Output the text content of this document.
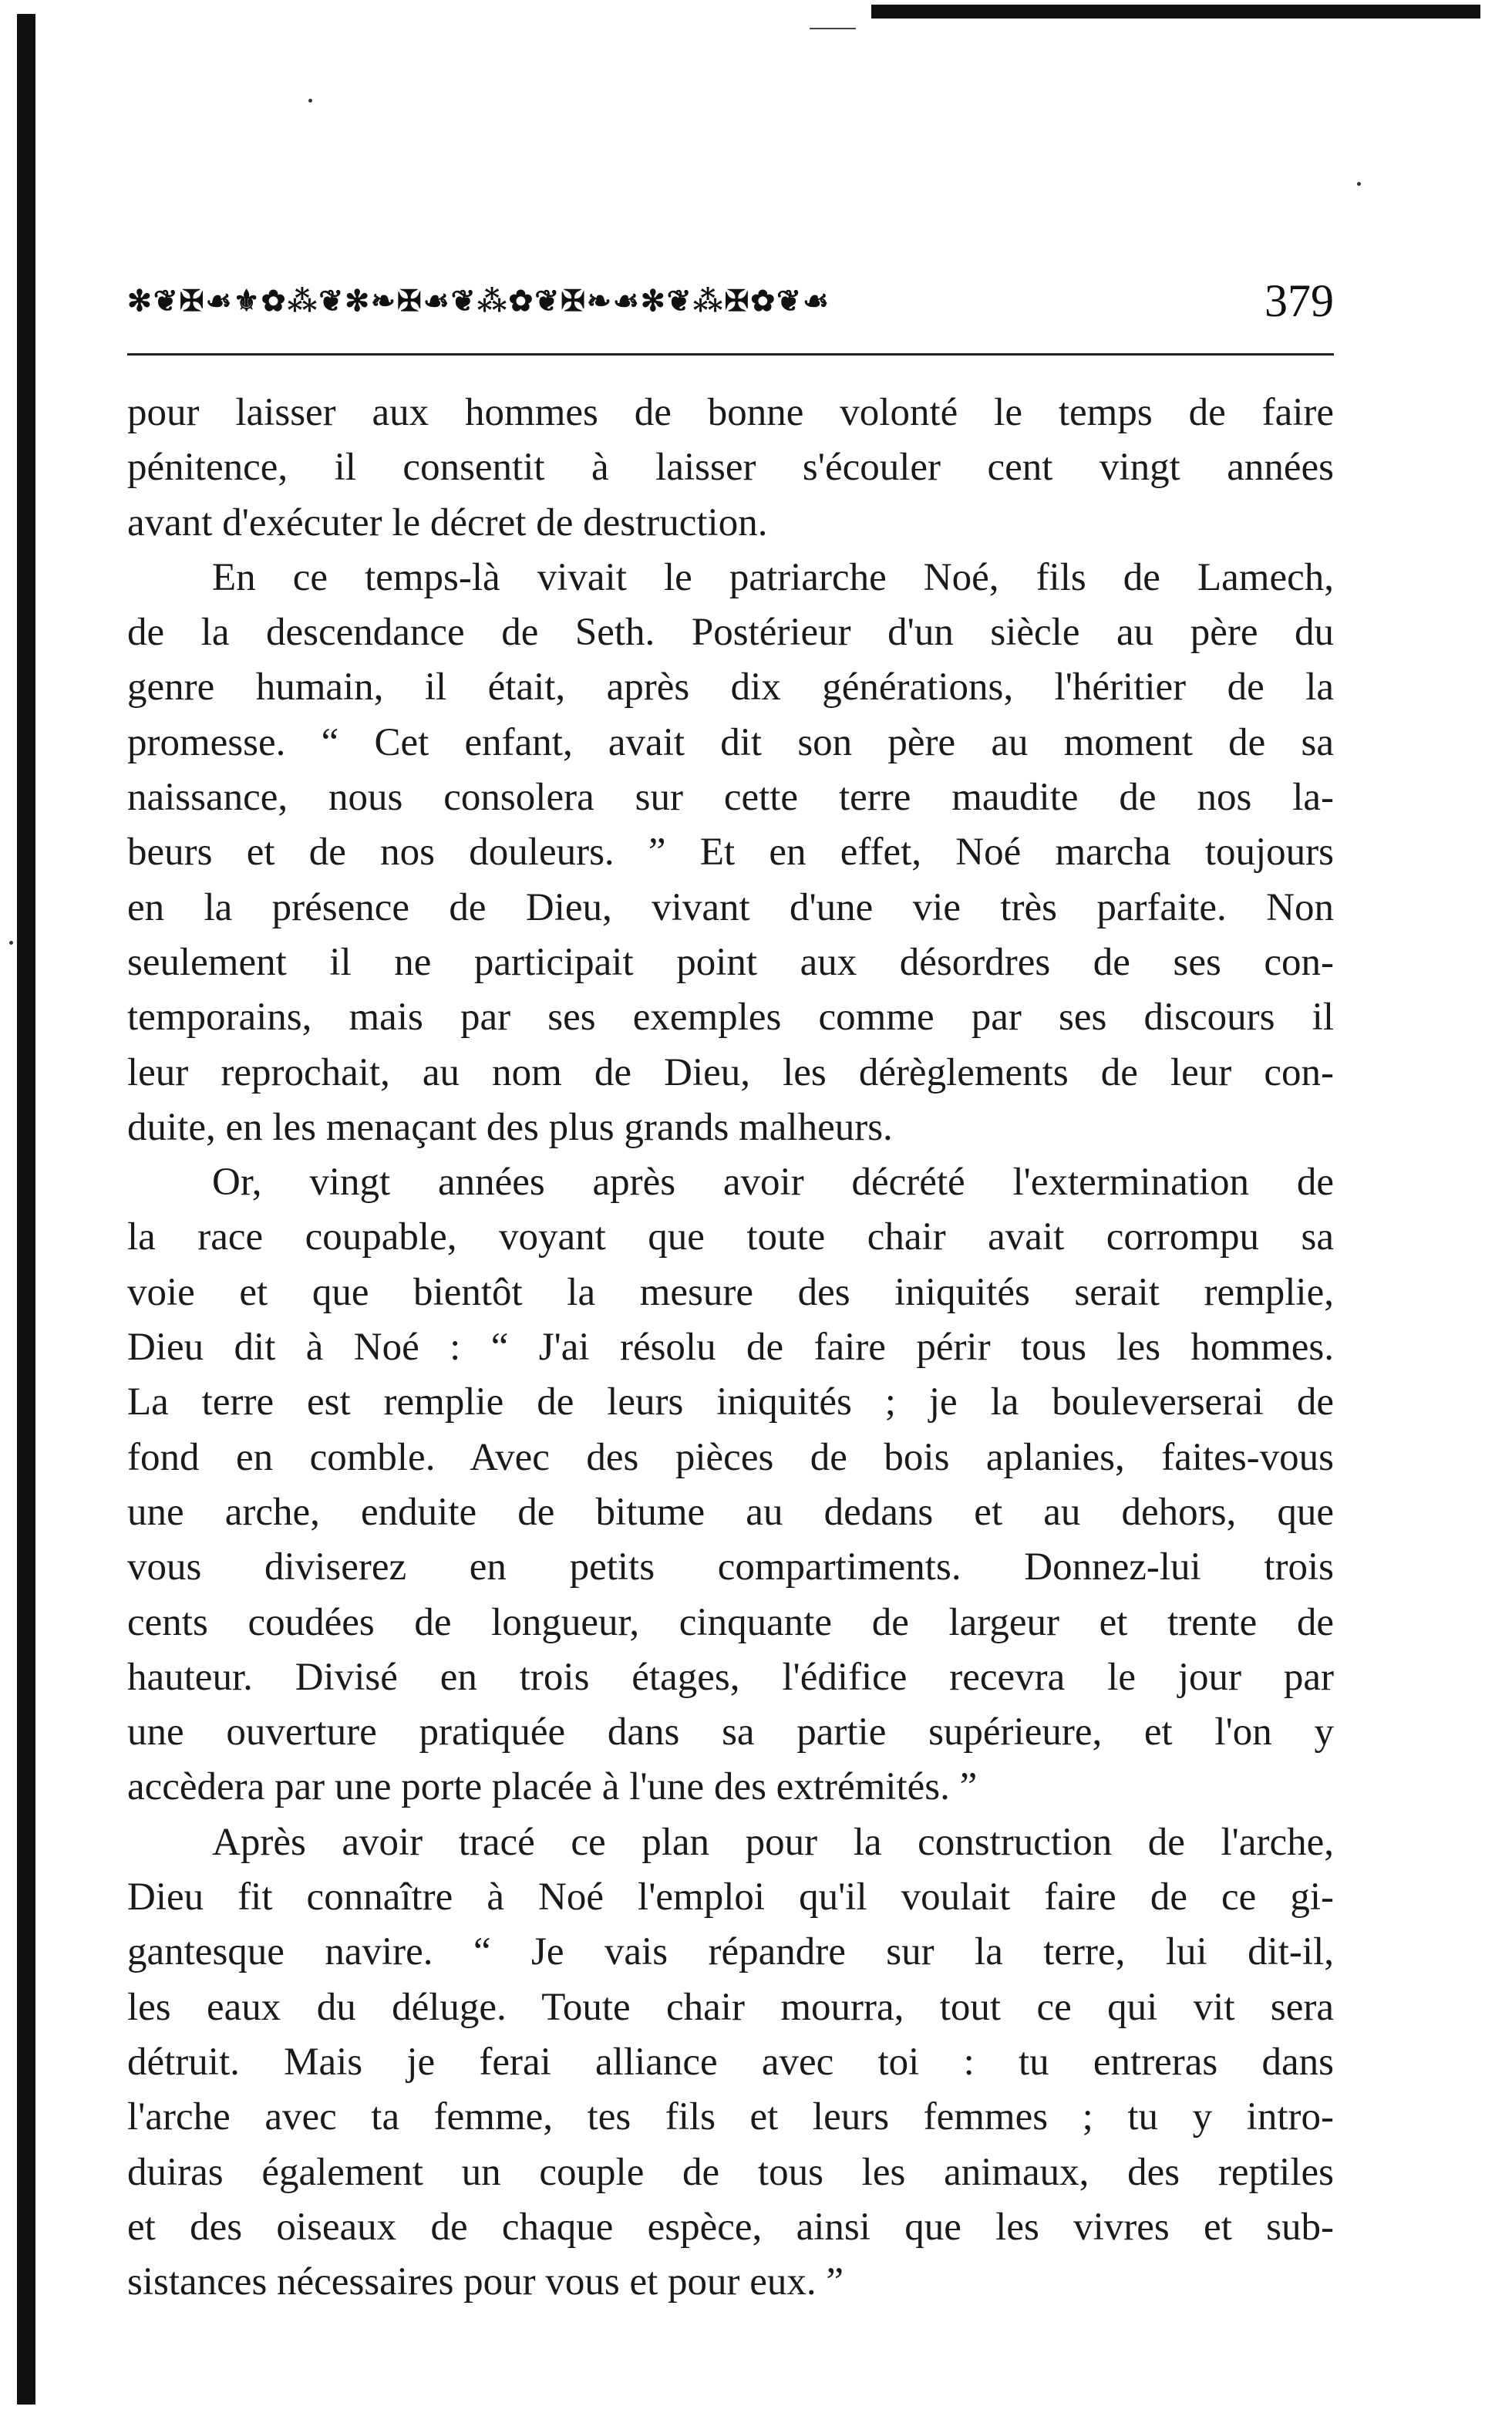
✻❦✠☙⚜✿⁂❦✻❧✠☙❦⁂✿❦✠❧☙✻❦⁂✠✿❦☙	379
pour laisser aux hommes de bonne volonté le temps de faire
pénitence, il consentit à laisser s'écouler cent vingt années
avant d'exécuter le décret de destruction.
En ce temps-là vivait le patriarche Noé, fils de Lamech,
de la descendance de Seth. Postérieur d'un siècle au père du
genre humain, il était, après dix générations, l'héritier de la
promesse. “ Cet enfant, avait dit son père au moment de sa
naissance, nous consolera sur cette terre maudite de nos la-
beurs et de nos douleurs. ” Et en effet, Noé marcha toujours
en la présence de Dieu, vivant d'une vie très parfaite. Non
seulement il ne participait point aux désordres de ses con-
temporains, mais par ses exemples comme par ses discours il
leur reprochait, au nom de Dieu, les dérèglements de leur con-
duite, en les menaçant des plus grands malheurs.
Or, vingt années après avoir décrété l'extermination de
la race coupable, voyant que toute chair avait corrompu sa
voie et que bientôt la mesure des iniquités serait remplie,
Dieu dit à Noé : “ J'ai résolu de faire périr tous les hommes.
La terre est remplie de leurs iniquités ; je la bouleverserai de
fond en comble. Avec des pièces de bois aplanies, faites-vous
une arche, enduite de bitume au dedans et au dehors, que
vous diviserez en petits compartiments. Donnez-lui trois
cents coudées de longueur, cinquante de largeur et trente de
hauteur. Divisé en trois étages, l'édifice recevra le jour par
une ouverture pratiquée dans sa partie supérieure, et l'on y
accèdera par une porte placée à l'une des extrémités. ”
Après avoir tracé ce plan pour la construction de l'arche,
Dieu fit connaître à Noé l'emploi qu'il voulait faire de ce gi-
gantesque navire. “ Je vais répandre sur la terre, lui dit-il,
les eaux du déluge. Toute chair mourra, tout ce qui vit sera
détruit. Mais je ferai alliance avec toi : tu entreras dans
l'arche avec ta femme, tes fils et leurs femmes ; tu y intro-
duiras également un couple de tous les animaux, des reptiles
et des oiseaux de chaque espèce, ainsi que les vivres et sub-
sistances nécessaires pour vous et pour eux. ”
